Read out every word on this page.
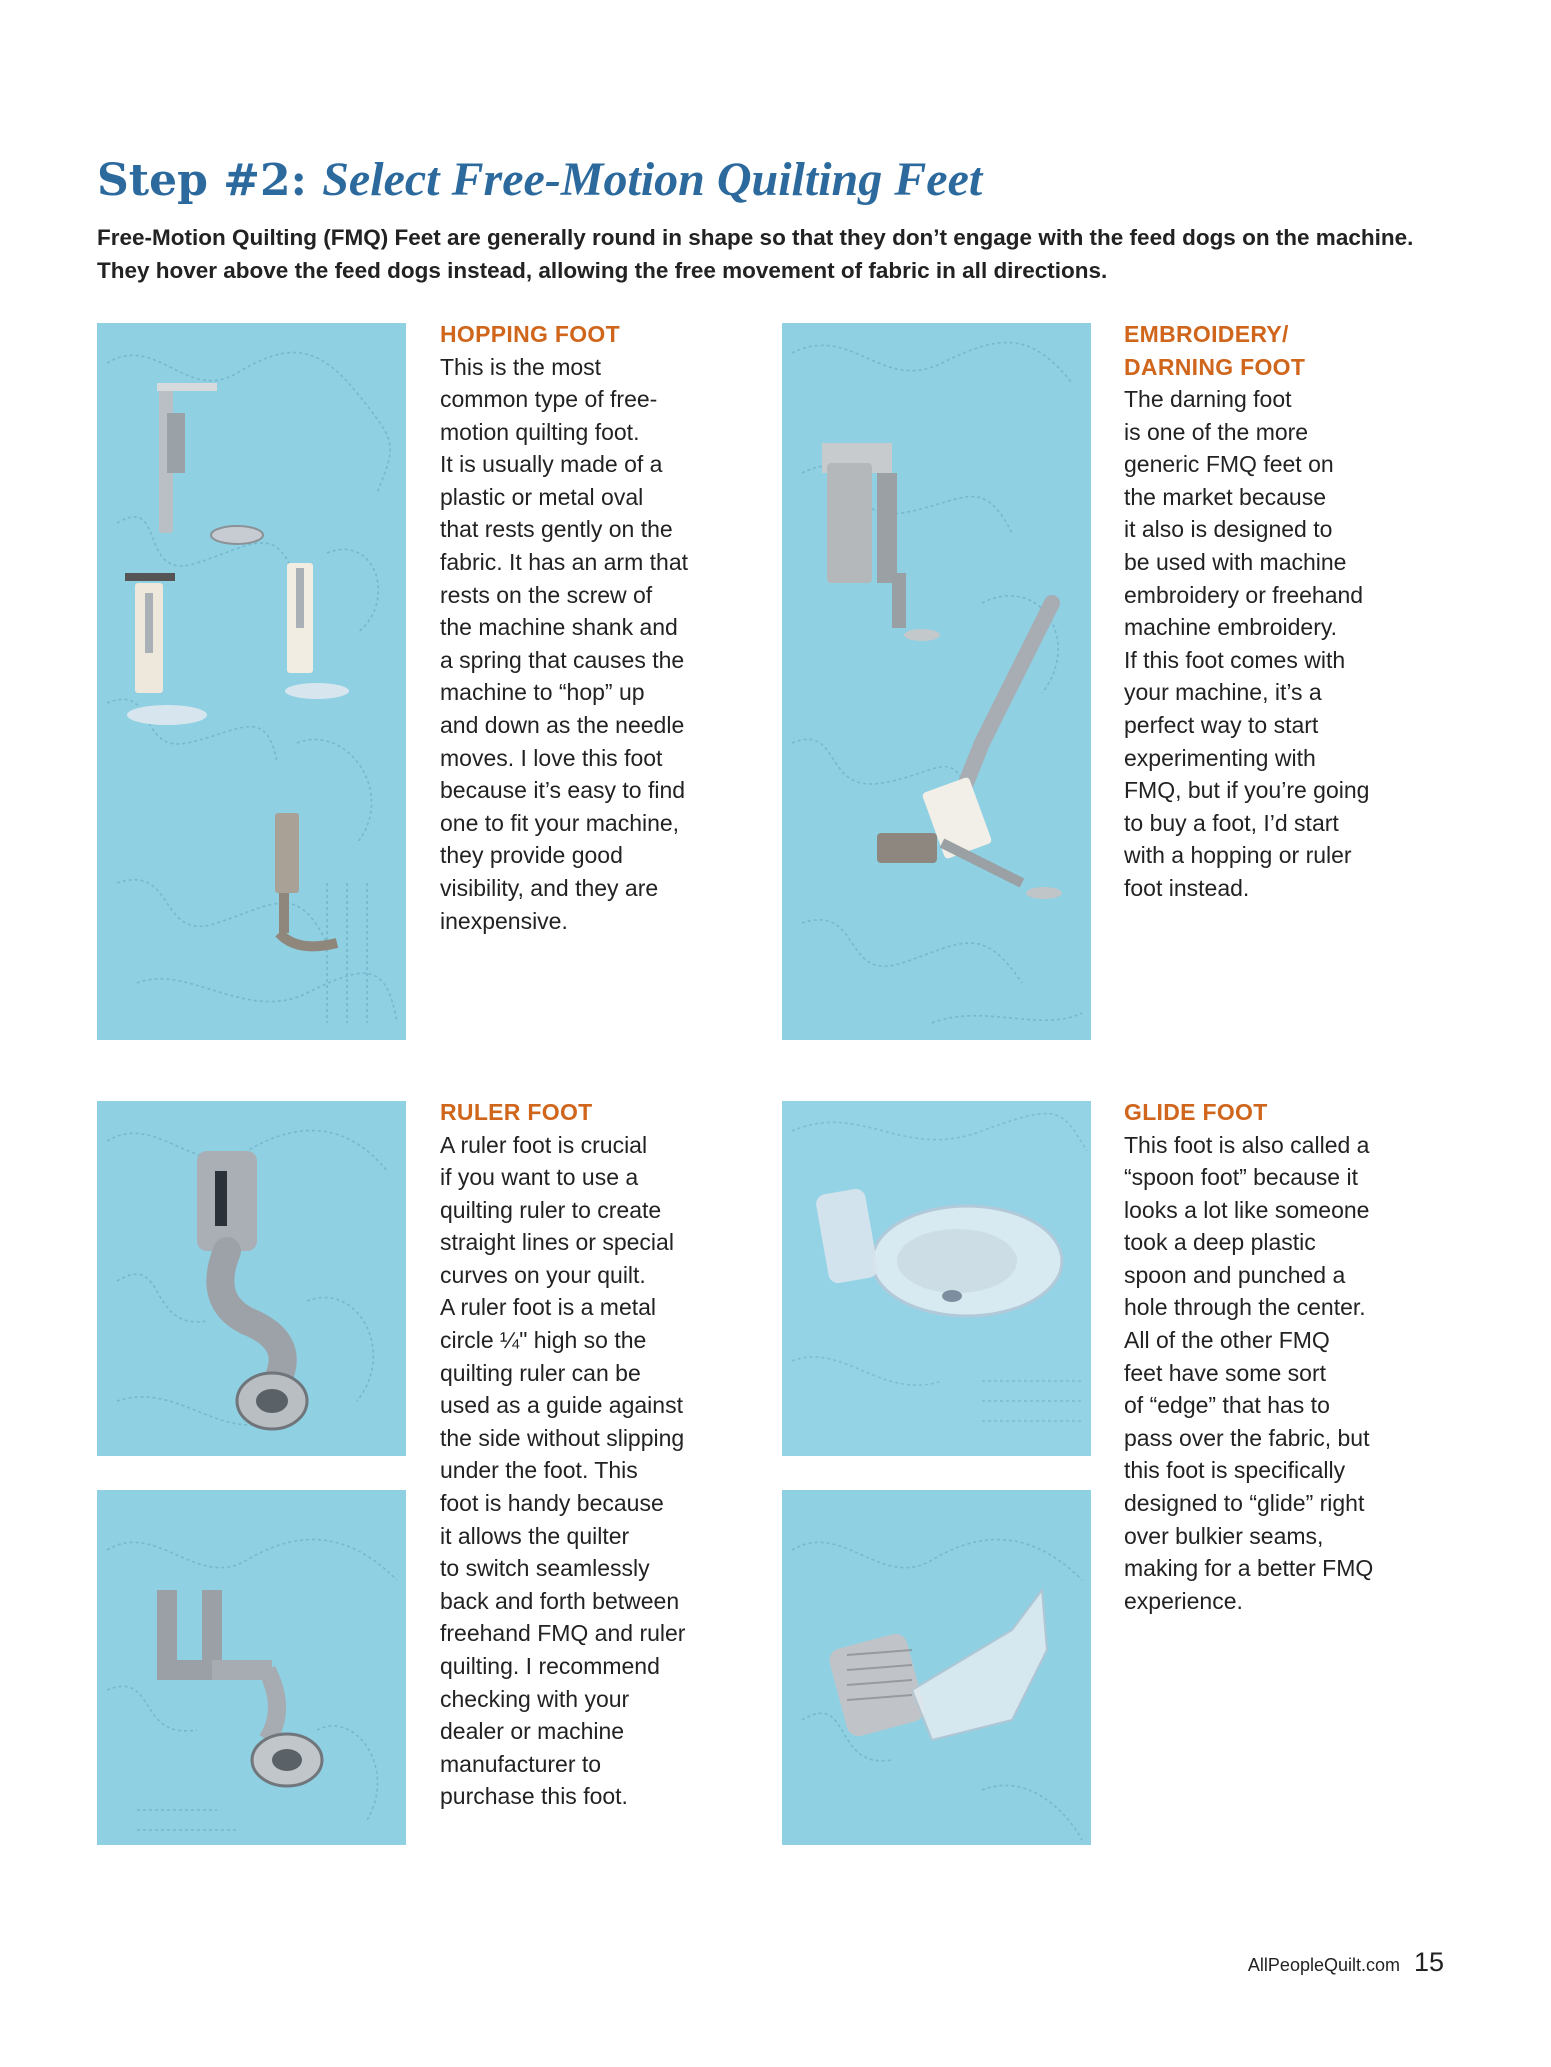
Step #2: Select Free-Motion Quilting Feet

Free-Motion Quilting (FMQ) Feet are generally round in shape so that they don’t engage with the feed dogs on the machine. They hover above the feed dogs instead, allowing the free movement of fabric in all directions.

HOPPING FOOT

This is the most
common type of free-
motion quilting foot.
It is usually made of a
plastic or metal oval
that rests gently on the
fabric. It has an arm that
rests on the screw of
the machine shank and
a spring that causes the
machine to “hop” up
and down as the needle
moves. I love this foot
because it’s easy to find
one to fit your machine,
they provide good
visibility, and they are
inexpensive.

EMBROIDERY/
DARNING FOOT

The darning foot
is one of the more
generic FMQ feet on
the market because
it also is designed to
be used with machine
embroidery or freehand
machine embroidery.
If this foot comes with
your machine, it’s a
perfect way to start
experimenting with
FMQ, but if you’re going
to buy a foot, I’d start
with a hopping or ruler
foot instead.

RULER FOOT

A ruler foot is crucial
if you want to use a
quilting ruler to create
straight lines or special
curves on your quilt.
A ruler foot is a metal
circle ¼" high so the
quilting ruler can be
used as a guide against
the side without slipping
under the foot. This
foot is handy because
it allows the quilter
to switch seamlessly
back and forth between
freehand FMQ and ruler
quilting. I recommend
checking with your
dealer or machine
manufacturer to
purchase this foot.

GLIDE FOOT

This foot is also called a
“spoon foot” because it
looks a lot like someone
took a deep plastic
spoon and punched a
hole through the center.
All of the other FMQ
feet have some sort
of “edge” that has to
pass over the fabric, but
this foot is specifically
designed to “glide” right
over bulkier seams,
making for a better FMQ
experience.

AllPeopleQuilt.com 15
